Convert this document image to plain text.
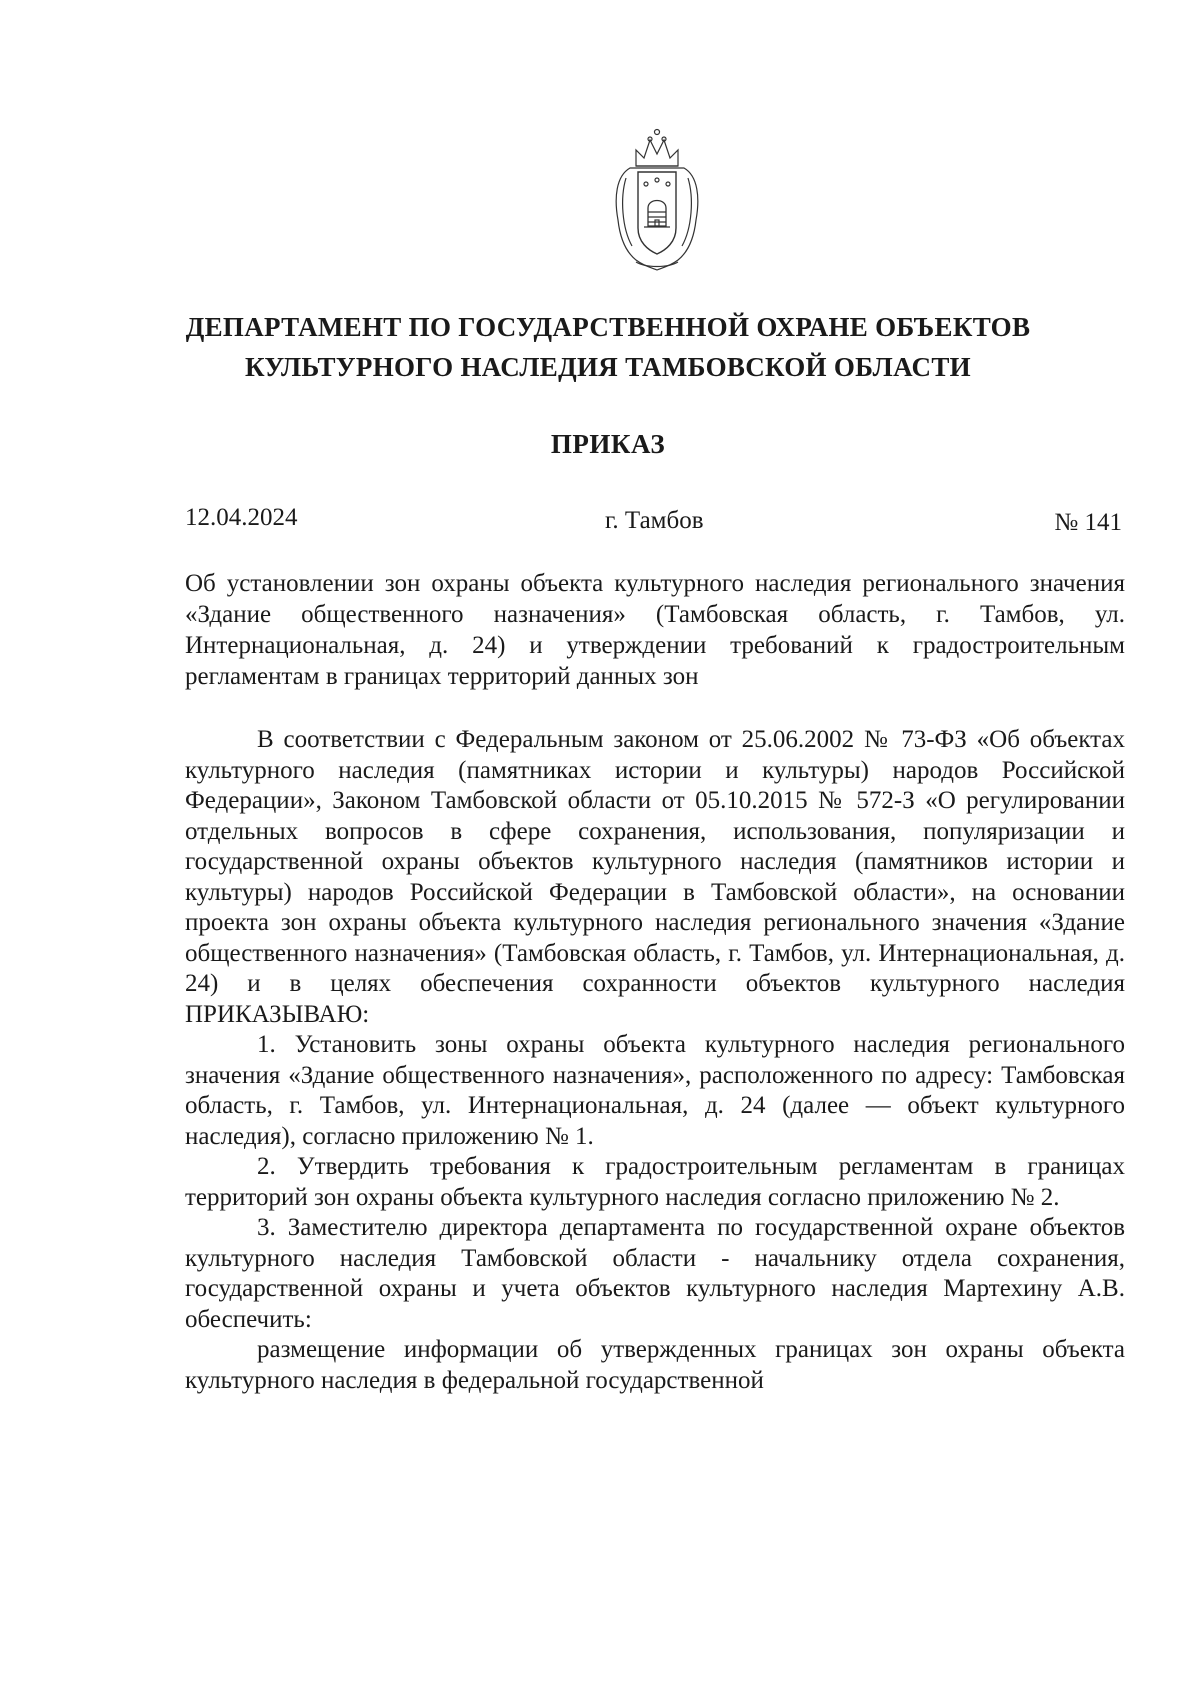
ДЕПАРТАМЕНТ ПО ГОСУДАРСТВЕННОЙ ОХРАНЕ ОБЪЕКТОВ
КУЛЬТУРНОГО НАСЛЕДИЯ ТАМБОВСКОЙ ОБЛАСТИ
ПРИКАЗ
12.04.2024	г. Тамбов	№ 141
Об установлении зон охраны объекта культурного наследия регионального значения «Здание общественного назначения» (Тамбовская область, г. Тамбов, ул. Интернациональная, д. 24) и утверждении требований к градостроительным регламентам в границах территорий данных зон

В соответствии с Федеральным законом от 25.06.2002 № 73-ФЗ «Об объектах культурного наследия (памятниках истории и культуры) народов Российской Федерации», Законом Тамбовской области от 05.10.2015 № 572-З «О регулировании отдельных вопросов в сфере сохранения, использования, популяризации и государственной охраны объектов культурного наследия (памятников истории и культуры) народов Российской Федерации в Тамбовской области», на основании проекта зон охраны объекта культурного наследия регионального значения «Здание общественного назначения» (Тамбовская область, г. Тамбов, ул. Интернациональная, д. 24) и в целях обеспечения сохранности объектов культурного наследия ПРИКАЗЫВАЮ:

1. Установить зоны охраны объекта культурного наследия регионального значения «Здание общественного назначения», расположенного по адресу: Тамбовская область, г. Тамбов, ул. Интернациональная, д. 24 (далее — объект культурного наследия), согласно приложению № 1.

2. Утвердить требования к градостроительным регламентам в границах территорий зон охраны объекта культурного наследия согласно приложению № 2.

3. Заместителю директора департамента по государственной охране объектов культурного наследия Тамбовской области - начальнику отдела сохранения, государственной охраны и учета объектов культурного наследия Мартехину А.В. обеспечить:

размещение информации об утвержденных границах зон охраны объекта культурного наследия в федеральной государственной
